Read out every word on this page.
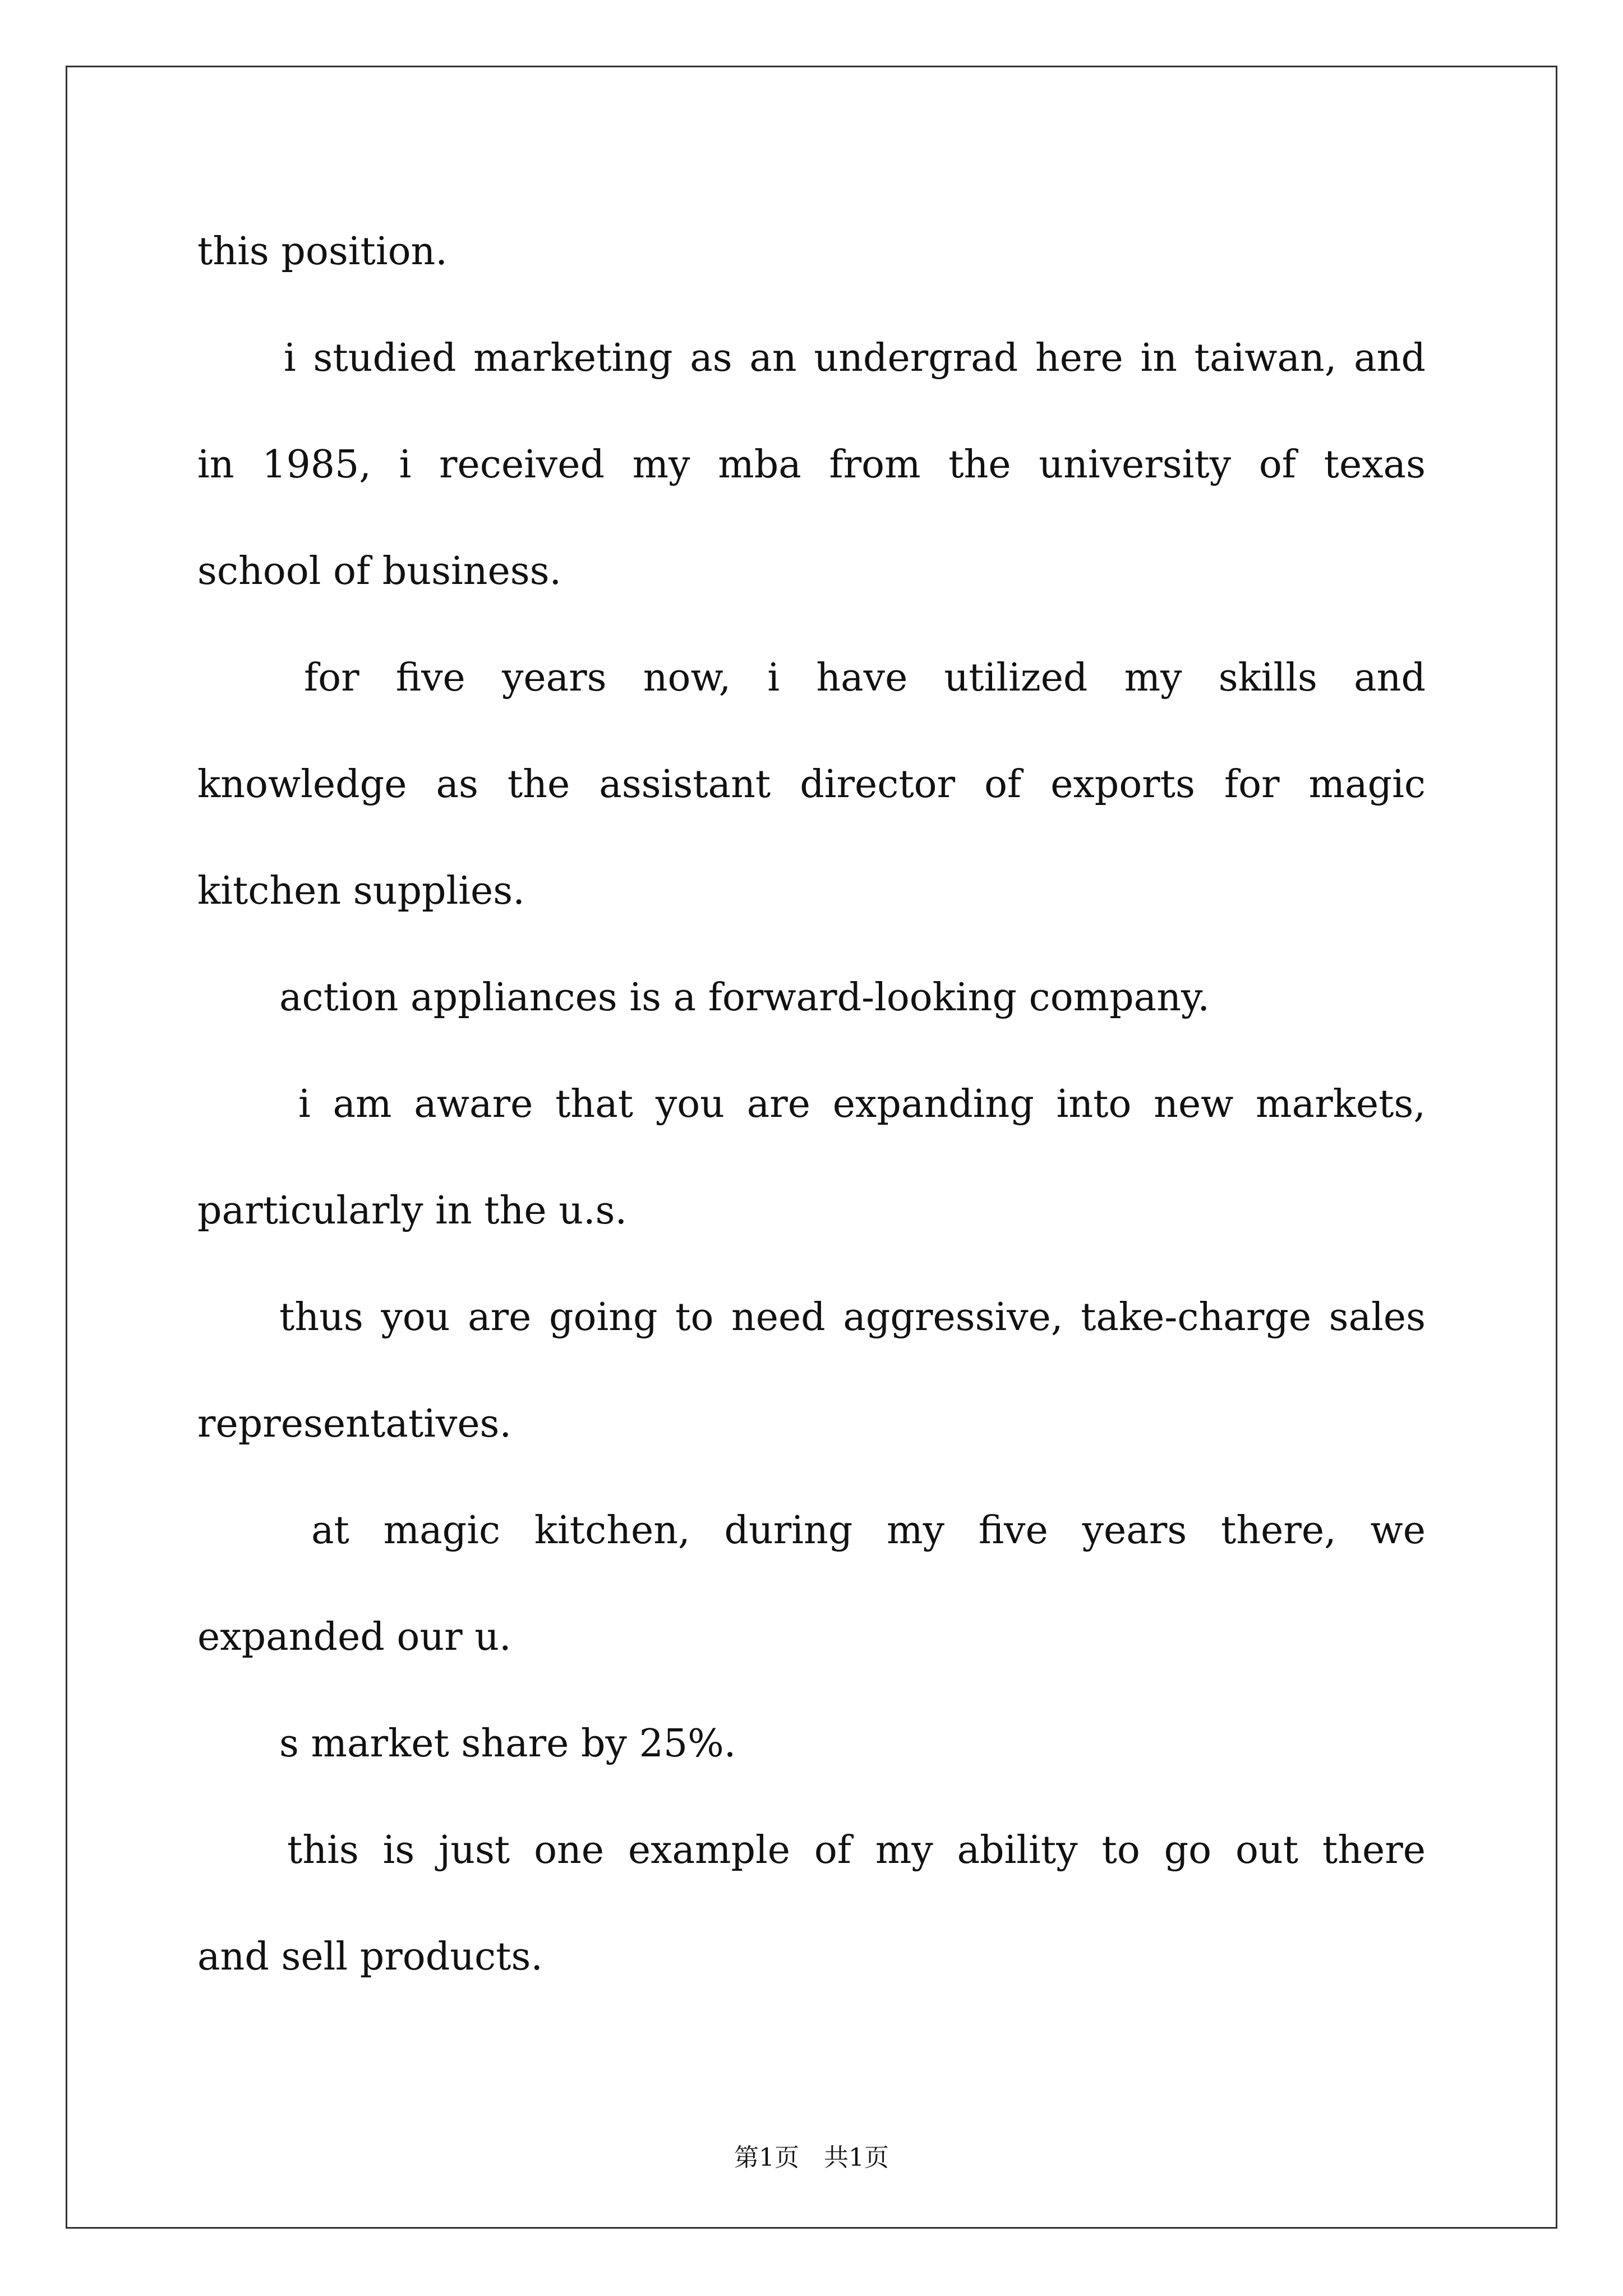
this position.
i studied marketing as an undergrad here in taiwan, and
in 1985, i received my mba from the university of texas
school of business.
for five years now, i have utilized my skills and
knowledge as the assistant director of exports for magic
kitchen supplies.
action appliances is a forward-looking company.
i am aware that you are expanding into new markets,
particularly in the u.s.
thus you are going to need aggressive, take-charge sales
representatives.
at magic kitchen, during my five years there, we
expanded our u.
s market share by 25%.
this is just one example of my ability to go out there
and sell products.
第1页　共1页
